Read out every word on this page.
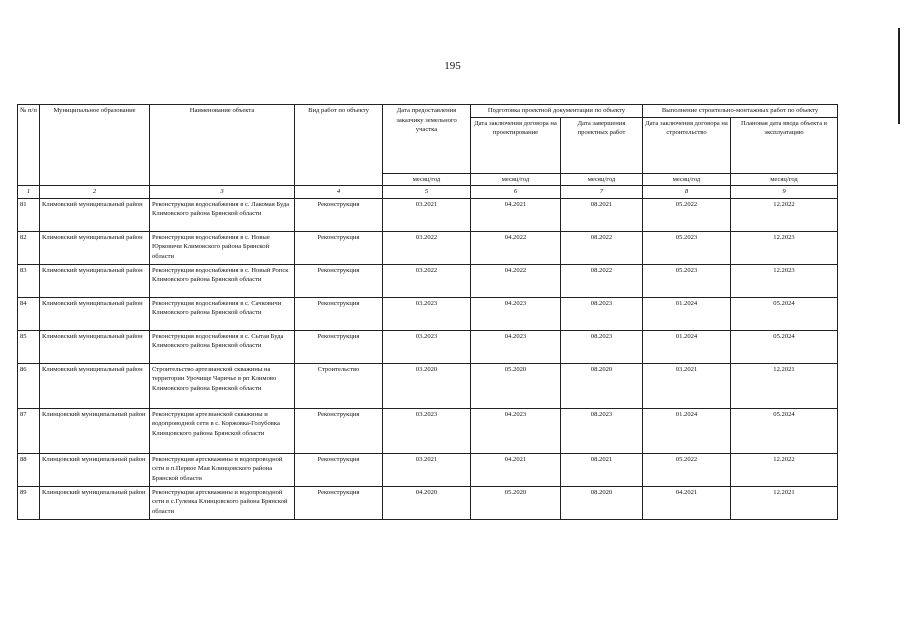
195
№ п/п	Муниципальное образование	Наименование объекта	Вид работ по объекту	Дата предоставления заказчику земельного участка	Подготовка проектной документации по объекту		Выполнение строительно-монтажных работ по объекту	
					Дата заключения договора на проектирование	Дата завершения проектных работ	Дата заключения договора на строительство	Плановая дата ввода объекта в эксплуатацию
				месяц/год	месяц/год	месяц/год	месяц/год	месяц/год
1	2	3	4	5	6	7	8	9
81	Климовский муниципальный район	Реконструкция водоснабжения в с. Лакомая Буда Климовского района Брянской области	Реконструкция	03.2021	04.2021	08.2021	05.2022	12.2022
82	Климовский муниципальный район	Реконструкция водоснабжения в с. Новые Юрковичи Климовского района Брянской области	Реконструкция	03.2022	04.2022	08.2022	05.2023	12.2023
83	Климовский муниципальный район	Реконструкция водоснабжения в с. Новый Ропск Климовского района Брянской области	Реконструкция	03.2022	04.2022	08.2022	05.2023	12.2023
84	Климовский муниципальный район	Реконструкция водоснабжения в с. Сачковичи Климовского района Брянской области	Реконструкция	03.2023	04.2023	08.2023	01.2024	05.2024
85	Климовский муниципальный район	Реконструкция водоснабжения в с. Сытая Буда Климовского района Брянской области	Реконструкция	03.2023	04.2023	08.2023	01.2024	05.2024
86	Климовский муниципальный район	Строительство артезианской скважины на территории Урочище Чаричье в рп Климово Климовского района Брянской области	Строительство	03.2020	05.2020	08.2020	03.2021	12.2021
87	Клинцовский муниципальный район	Реконструкция артезианской скважины и водопроводной сети в с. Коржовка-Голубовка Клинцовского района Брянской области	Реконструкция	03.2023	04.2023	08.2023	01.2024	05.2024
88	Клинцовский муниципальный район	Реконструкция артскважины и водопроводной сети в п.Первое Мая Клинцовского района Брянской области	Реконструкция	03.2021	04.2021	08.2021	05.2022	12.2022
89	Клинцовский муниципальный район	Реконструкция артскважины и водопроводной сети в с.Гулевка Клинцовского района Брянской области	Реконструкция	04.2020	05.2020	08.2020	04.2021	12.2021
